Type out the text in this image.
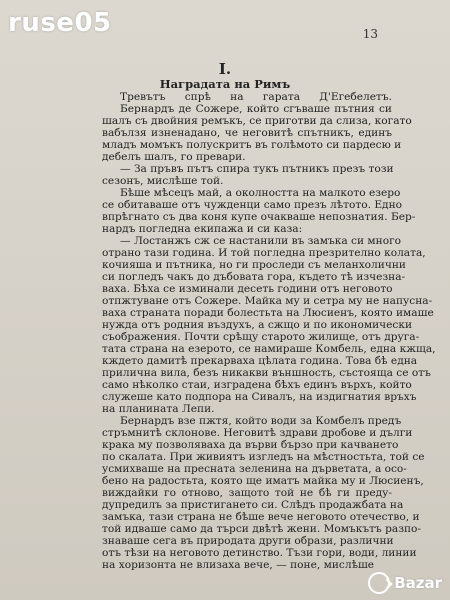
ruse05	13
I.
Наградата на Римъ
Тревътъ спрѣ на гарата Д'Егебелетъ.
Бернардъ де Сожере, който сгъваше пътния си
шалъ съ двойния ремъкъ, се приготви да слиза, когато
вабълзя изненадано, че неговитѣ спътникъ, единъ
младъ момъкъ полускритъ въ голѣмото си пардесю и
дебелъ шалъ, го превари.
— За пръвъ пътъ спира тукъ пътникъ презъ този
сезонъ, мислѣше той.
Бѣше мѣсецъ май, а околността на малкото езеро
се обитаваше отъ чужденци само презъ лѣтото. Едно
впрѣгнато съ два коня купе очакваше непознатия. Бер-
нардъ погледна екипажа и си каза:
— Лостанжъ сж се настанили въ замъка си много
отрано тази година. И той погледна презрително колата,
кочияша и пътника, но ги проследи съ меланхолични
си погледъ чакъ до дъбовата гора, където тѣ изчезна-
ваха. Бѣха се изминали десеть години отъ неговото
отпжтуване отъ Сожере. Майка му и сетра му не напусна-
ваха страната поради болестьта на Люсиенъ, която имаше
нужда отъ родния въздухъ, а сжщо и по икономически
съображения. Почти срѣщу старото жилище, отъ друга-
тата страна на езерото, се намираше Комбель, една кжща,
кждето дамитѣ прекарваха цѣлата година. Това бѣ една
прилична вила, безъ никакви външность, състояща се отъ
само нѣколко стаи, изградена бѣхъ единъ върхъ, който
служеше като подпора на Сивалъ, на издигнатия връхъ
на планината Лепи.
Бернардъ взе пжтя, който води за Комбелъ предъ
стръмнитѣ склонове. Неговитѣ здрави дробове и дълги
крака му позволяваха да върви бързо при качването
по скалата. При живиятъ изгледъ на мѣстностьта, той се
усмихваше на пресната зеленина на дърветата, а осо-
бено на радостьта, която ще иматъ майка му и Люсиенъ,
виждайки го отново, защото той не бѣ ги преду-
дупредилъ за пристигането си. Слѣдъ продажбата на
замъка, тази страна не бѣше вече неговото отечество, и
той идваше само да търси двѣтѣ жени. Момъкътъ разпо-
знаваше сега въ природата други образи, различни
отъ тѣзи на неговото детинство. Тъзи гори, води, линии
на хоризонта не влизаха вече, — поне, мислѣше
Bazar
